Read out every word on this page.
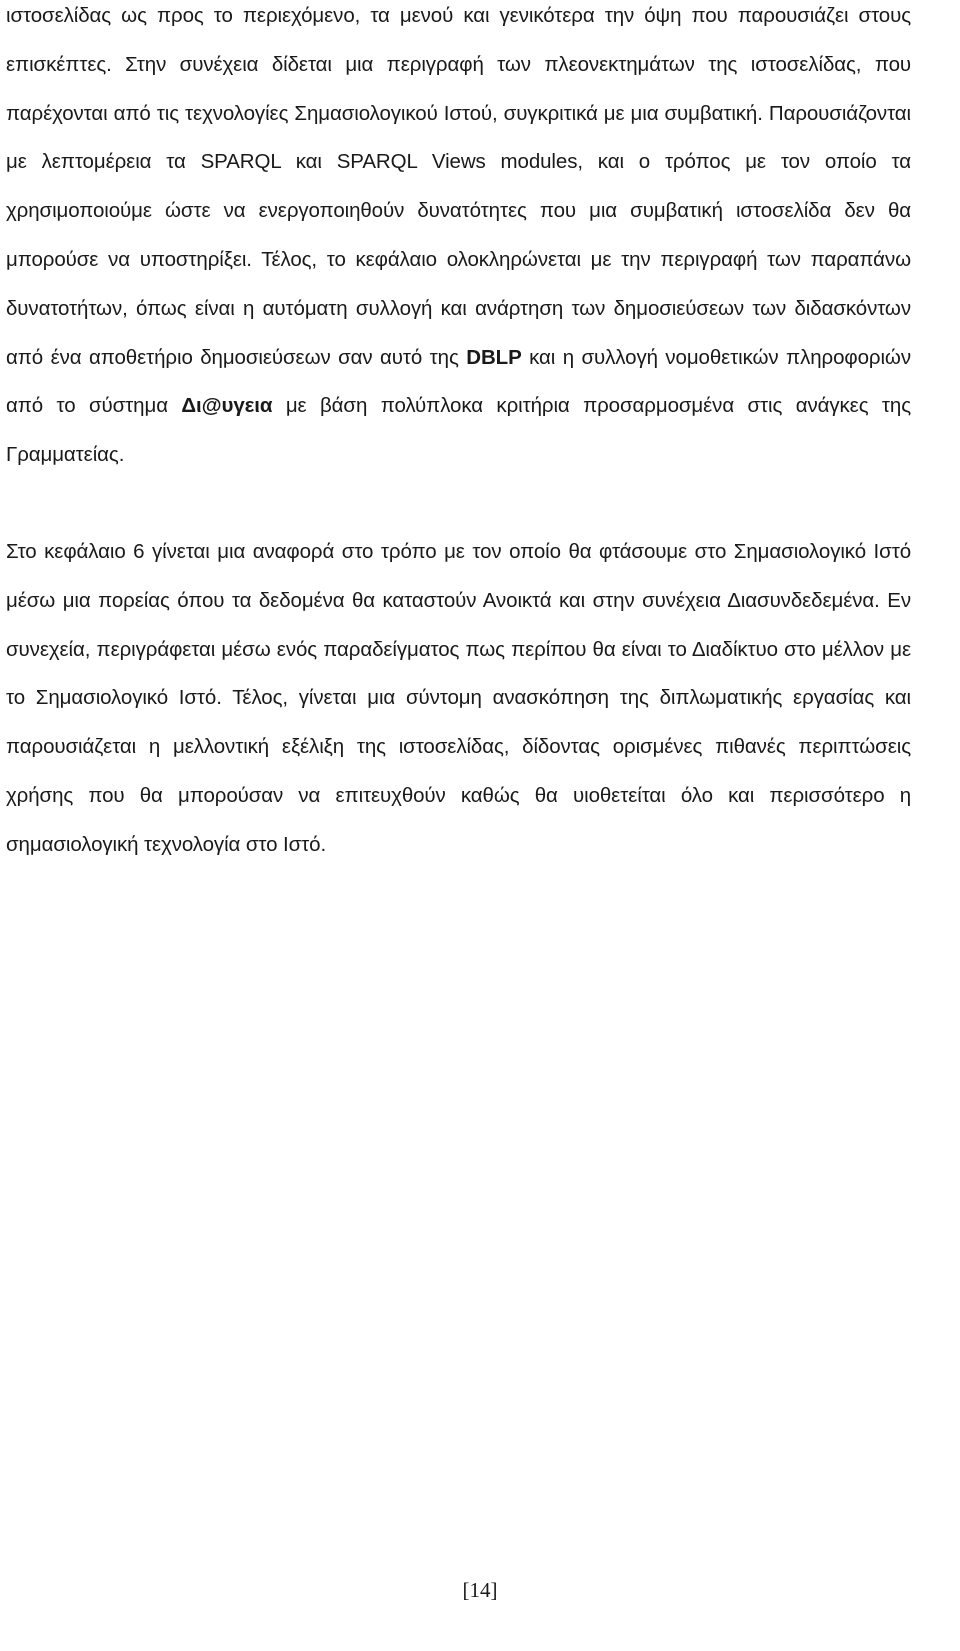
ιστοσελίδας ως προς το περιεχόμενο, τα μενού και γενικότερα την όψη που παρουσιάζει στους επισκέπτες. Στην συνέχεια δίδεται μια περιγραφή των πλεονεκτημάτων της ιστοσελίδας, που παρέχονται από τις τεχνολογίες Σημασιολογικού Ιστού, συγκριτικά με μια συμβατική. Παρουσιάζονται με λεπτομέρεια τα SPARQL και SPARQL Views modules, και ο τρόπος με τον οποίο τα χρησιμοποιούμε ώστε να ενεργοποιηθούν δυνατότητες που μια συμβατική ιστοσελίδα δεν θα μπορούσε να υποστηρίξει. Τέλος, το κεφάλαιο ολοκληρώνεται με την περιγραφή των παραπάνω δυνατοτήτων, όπως είναι η αυτόματη συλλογή και ανάρτηση των δημοσιεύσεων των διδασκόντων από ένα αποθετήριο δημοσιεύσεων σαν αυτό της DBLP και η συλλογή νομοθετικών πληροφοριών από το σύστημα Δι@υγεια με βάση πολύπλοκα κριτήρια προσαρμοσμένα στις ανάγκες της Γραμματείας.

Στο κεφάλαιο 6 γίνεται μια αναφορά στο τρόπο με τον οποίο θα φτάσουμε στο Σημασιολογικό Ιστό μέσω μια πορείας όπου τα δεδομένα θα καταστούν Ανοικτά και στην συνέχεια Διασυνδεδεμένα. Εν συνεχεία, περιγράφεται μέσω ενός παραδείγματος πως περίπου θα είναι το Διαδίκτυο στο μέλλον με το Σημασιολογικό Ιστό. Τέλος, γίνεται μια σύντομη ανασκόπηση της διπλωματικής εργασίας και παρουσιάζεται η μελλοντική εξέλιξη της ιστοσελίδας, δίδοντας ορισμένες πιθανές περιπτώσεις χρήσης που θα μπορούσαν να επιτευχθούν καθώς θα υιοθετείται όλο και περισσότερο η σημασιολογική τεχνολογία στο Ιστό.

[14]
